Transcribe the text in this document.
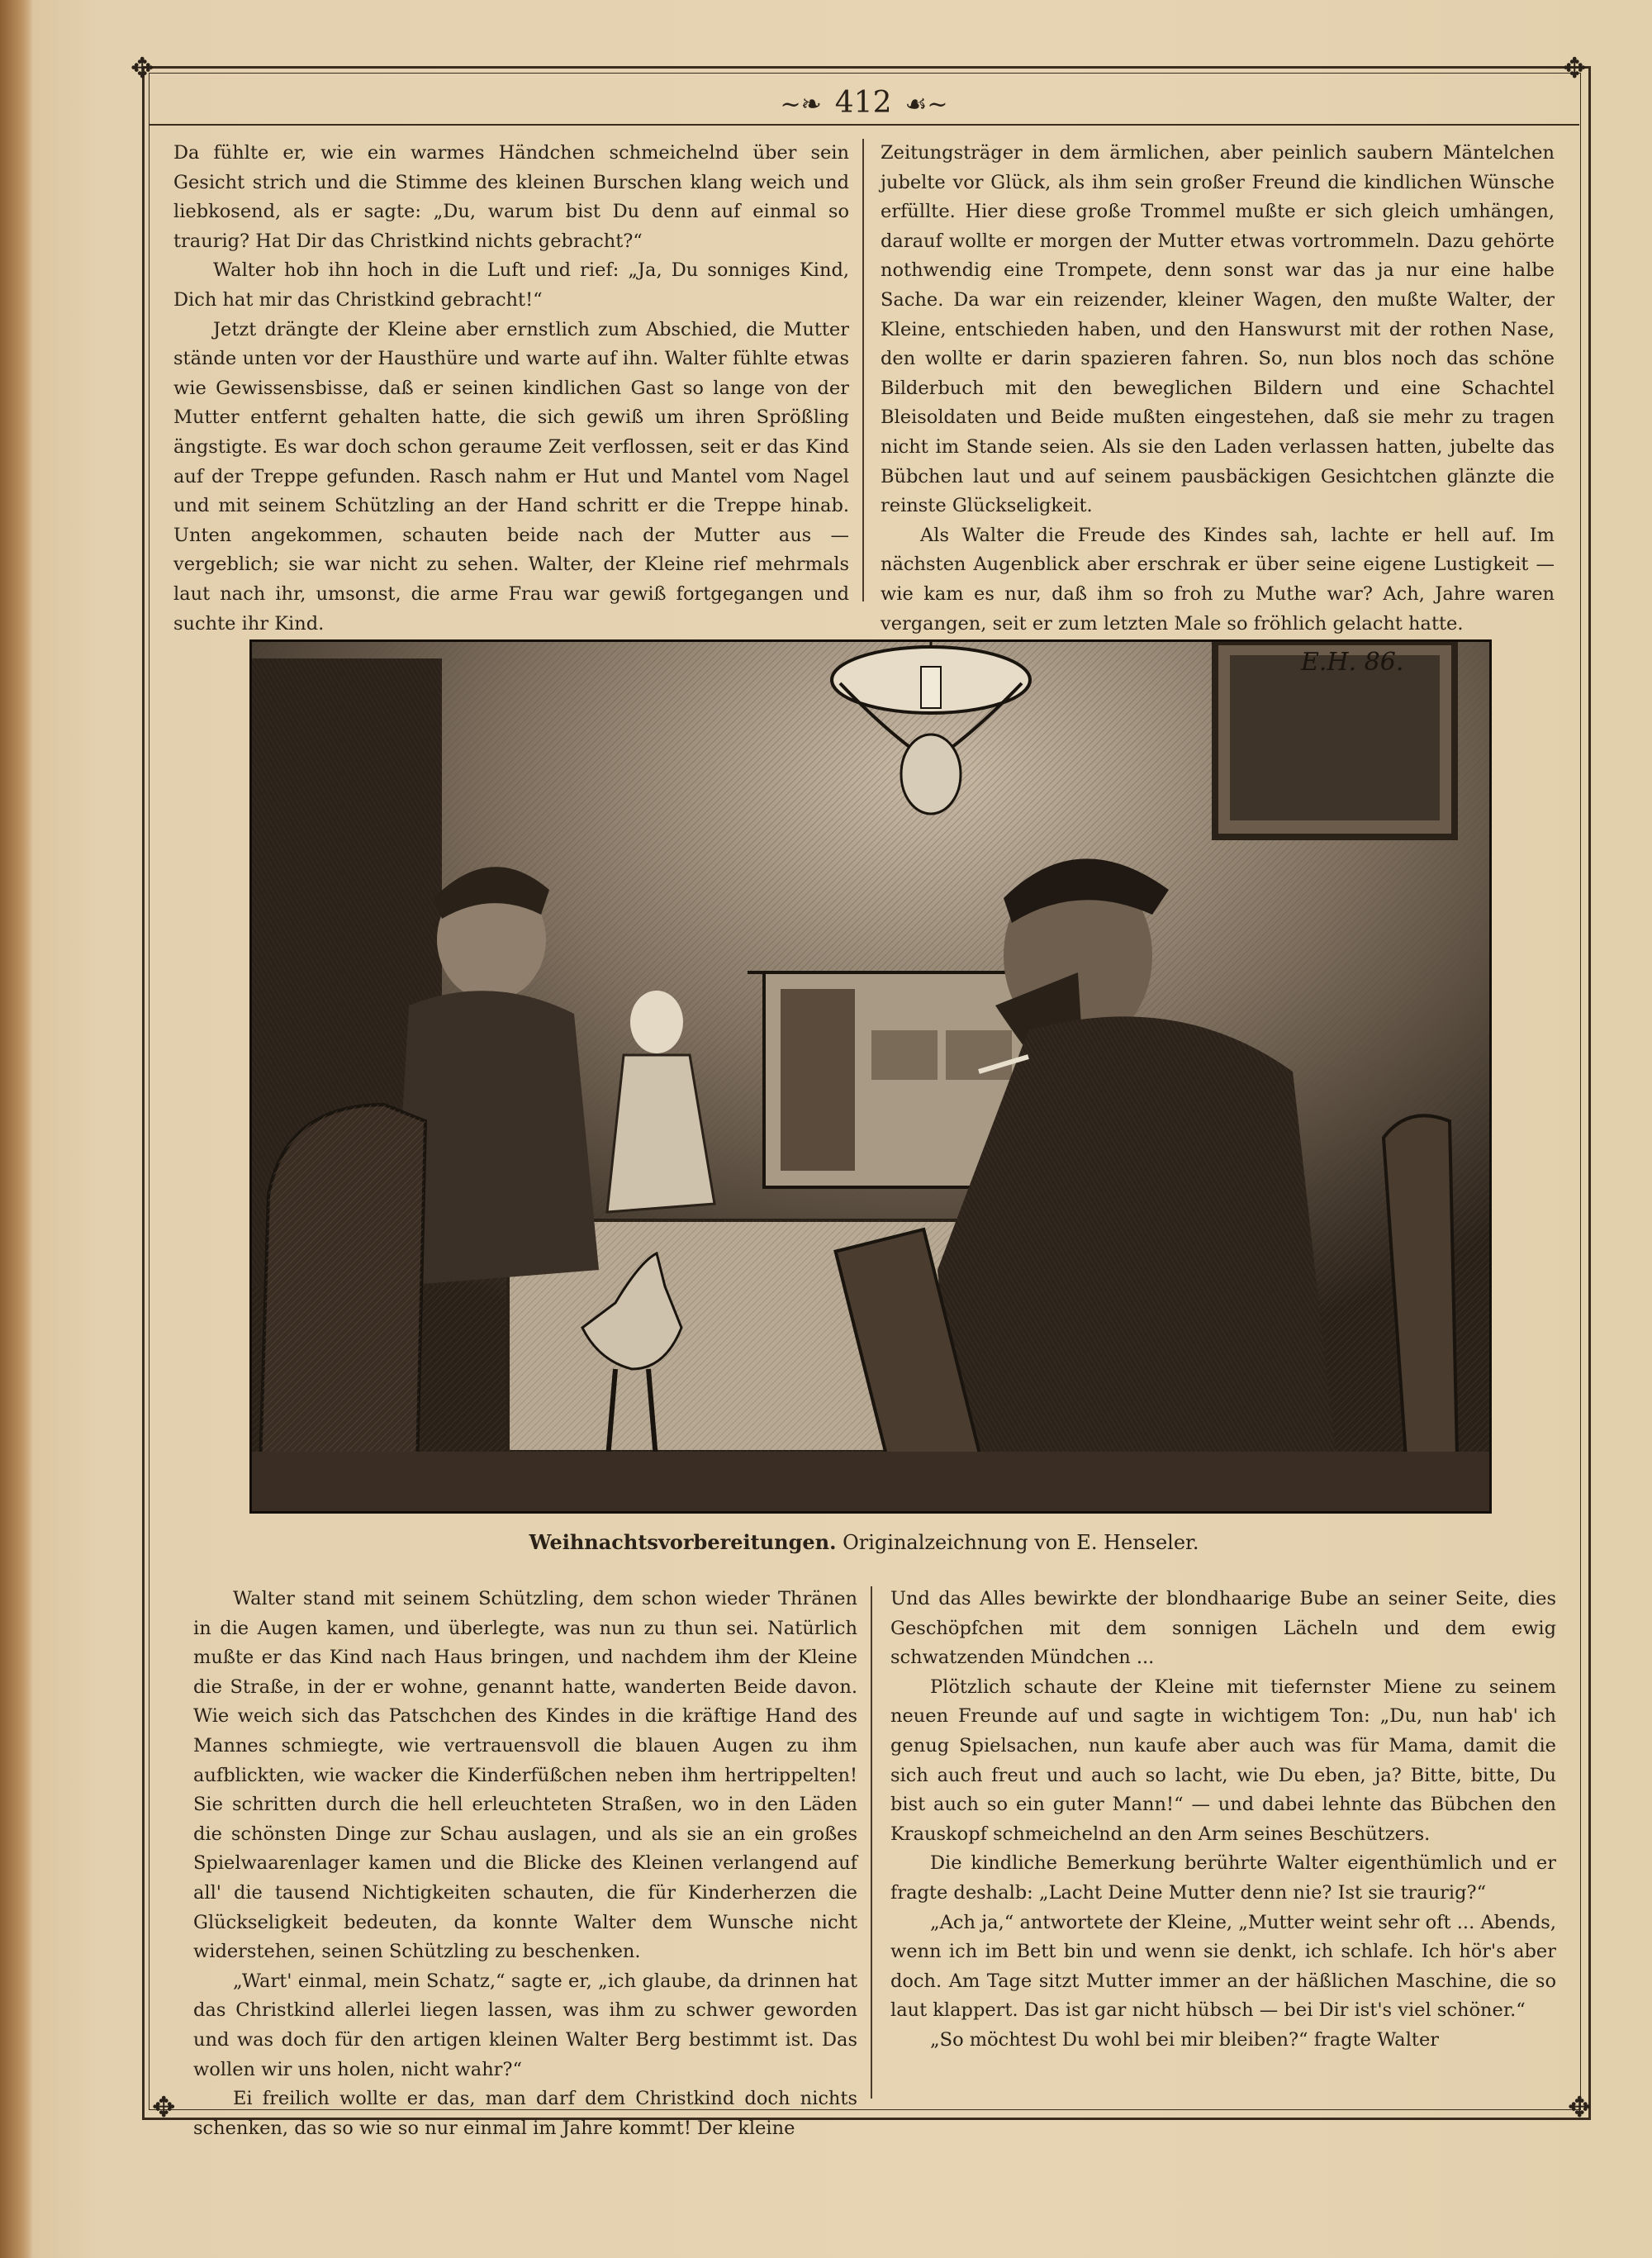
✥	✥
✥	✥
~❧ 412 ☙~

Da fühlte er, wie ein warmes Händchen schmeichelnd über sein Gesicht strich und die Stimme des kleinen Burschen klang weich und liebkosend, als er sagte: „Du, warum bist Du denn auf einmal so traurig? Hat Dir das Christkind nichts gebracht?“

Walter hob ihn hoch in die Luft und rief: „Ja, Du sonniges Kind, Dich hat mir das Christkind gebracht!“

Jetzt drängte der Kleine aber ernstlich zum Abschied, die Mutter stände unten vor der Hausthüre und warte auf ihn. Walter fühlte etwas wie Gewissensbisse, daß er seinen kindlichen Gast so lange von der Mutter entfernt gehalten hatte, die sich gewiß um ihren Sprößling ängstigte. Es war doch schon geraume Zeit verflossen, seit er das Kind auf der Treppe gefunden. Rasch nahm er Hut und Mantel vom Nagel und mit seinem Schützling an der Hand schritt er die Treppe hinab. Unten angekommen, schauten beide nach der Mutter aus — vergeblich; sie war nicht zu sehen. Walter, der Kleine rief mehrmals laut nach ihr, umsonst, die arme Frau war gewiß fortgegangen und suchte ihr Kind.

Zeitungsträger in dem ärmlichen, aber peinlich saubern Mäntelchen jubelte vor Glück, als ihm sein großer Freund die kindlichen Wünsche erfüllte. Hier diese große Trommel mußte er sich gleich umhängen, darauf wollte er morgen der Mutter etwas vortrommeln. Dazu gehörte nothwendig eine Trompete, denn sonst war das ja nur eine halbe Sache. Da war ein reizender, kleiner Wagen, den mußte Walter, der Kleine, entschieden haben, und den Hanswurst mit der rothen Nase, den wollte er darin spazieren fahren. So, nun blos noch das schöne Bilderbuch mit den beweglichen Bildern und eine Schachtel Bleisoldaten und Beide mußten eingestehen, daß sie mehr zu tragen nicht im Stande seien. Als sie den Laden verlassen hatten, jubelte das Bübchen laut und auf seinem pausbäckigen Gesichtchen glänzte die reinste Glückseligkeit.

Als Walter die Freude des Kindes sah, lachte er hell auf. Im nächsten Augenblick aber erschrak er über seine eigene Lustigkeit — wie kam es nur, daß ihm so froh zu Muthe war? Ach, Jahre waren vergangen, seit er zum letzten Male so fröhlich gelacht hatte.

E.H. 86.
Weihnachtsvorbereitungen. Originalzeichnung von E. Henseler.

Walter stand mit seinem Schützling, dem schon wieder Thränen in die Augen kamen, und überlegte, was nun zu thun sei. Natürlich mußte er das Kind nach Haus bringen, und nachdem ihm der Kleine die Straße, in der er wohne, genannt hatte, wanderten Beide davon. Wie weich sich das Patschchen des Kindes in die kräftige Hand des Mannes schmiegte, wie vertrauensvoll die blauen Augen zu ihm aufblickten, wie wacker die Kinderfüßchen neben ihm hertrippelten! Sie schritten durch die hell erleuchteten Straßen, wo in den Läden die schönsten Dinge zur Schau auslagen, und als sie an ein großes Spielwaarenlager kamen und die Blicke des Kleinen verlangend auf all' die tausend Nichtigkeiten schauten, die für Kinderherzen die Glückseligkeit bedeuten, da konnte Walter dem Wunsche nicht widerstehen, seinen Schützling zu beschenken.

„Wart' einmal, mein Schatz,“ sagte er, „ich glaube, da drinnen hat das Christkind allerlei liegen lassen, was ihm zu schwer geworden und was doch für den artigen kleinen Walter Berg bestimmt ist. Das wollen wir uns holen, nicht wahr?“

Ei freilich wollte er das, man darf dem Christkind doch nichts schenken, das so wie so nur einmal im Jahre kommt! Der kleine

Und das Alles bewirkte der blondhaarige Bube an seiner Seite, dies Geschöpfchen mit dem sonnigen Lächeln und dem ewig schwatzenden Mündchen ...

Plötzlich schaute der Kleine mit tiefernster Miene zu seinem neuen Freunde auf und sagte in wichtigem Ton: „Du, nun hab' ich genug Spielsachen, nun kaufe aber auch was für Mama, damit die sich auch freut und auch so lacht, wie Du eben, ja? Bitte, bitte, Du bist auch so ein guter Mann!“ — und dabei lehnte das Bübchen den Krauskopf schmeichelnd an den Arm seines Beschützers.

Die kindliche Bemerkung berührte Walter eigenthümlich und er fragte deshalb: „Lacht Deine Mutter denn nie? Ist sie traurig?“

„Ach ja,“ antwortete der Kleine, „Mutter weint sehr oft ... Abends, wenn ich im Bett bin und wenn sie denkt, ich schlafe. Ich hör's aber doch. Am Tage sitzt Mutter immer an der häßlichen Maschine, die so laut klappert. Das ist gar nicht hübsch — bei Dir ist's viel schöner.“

„So möchtest Du wohl bei mir bleiben?“ fragte Walter
